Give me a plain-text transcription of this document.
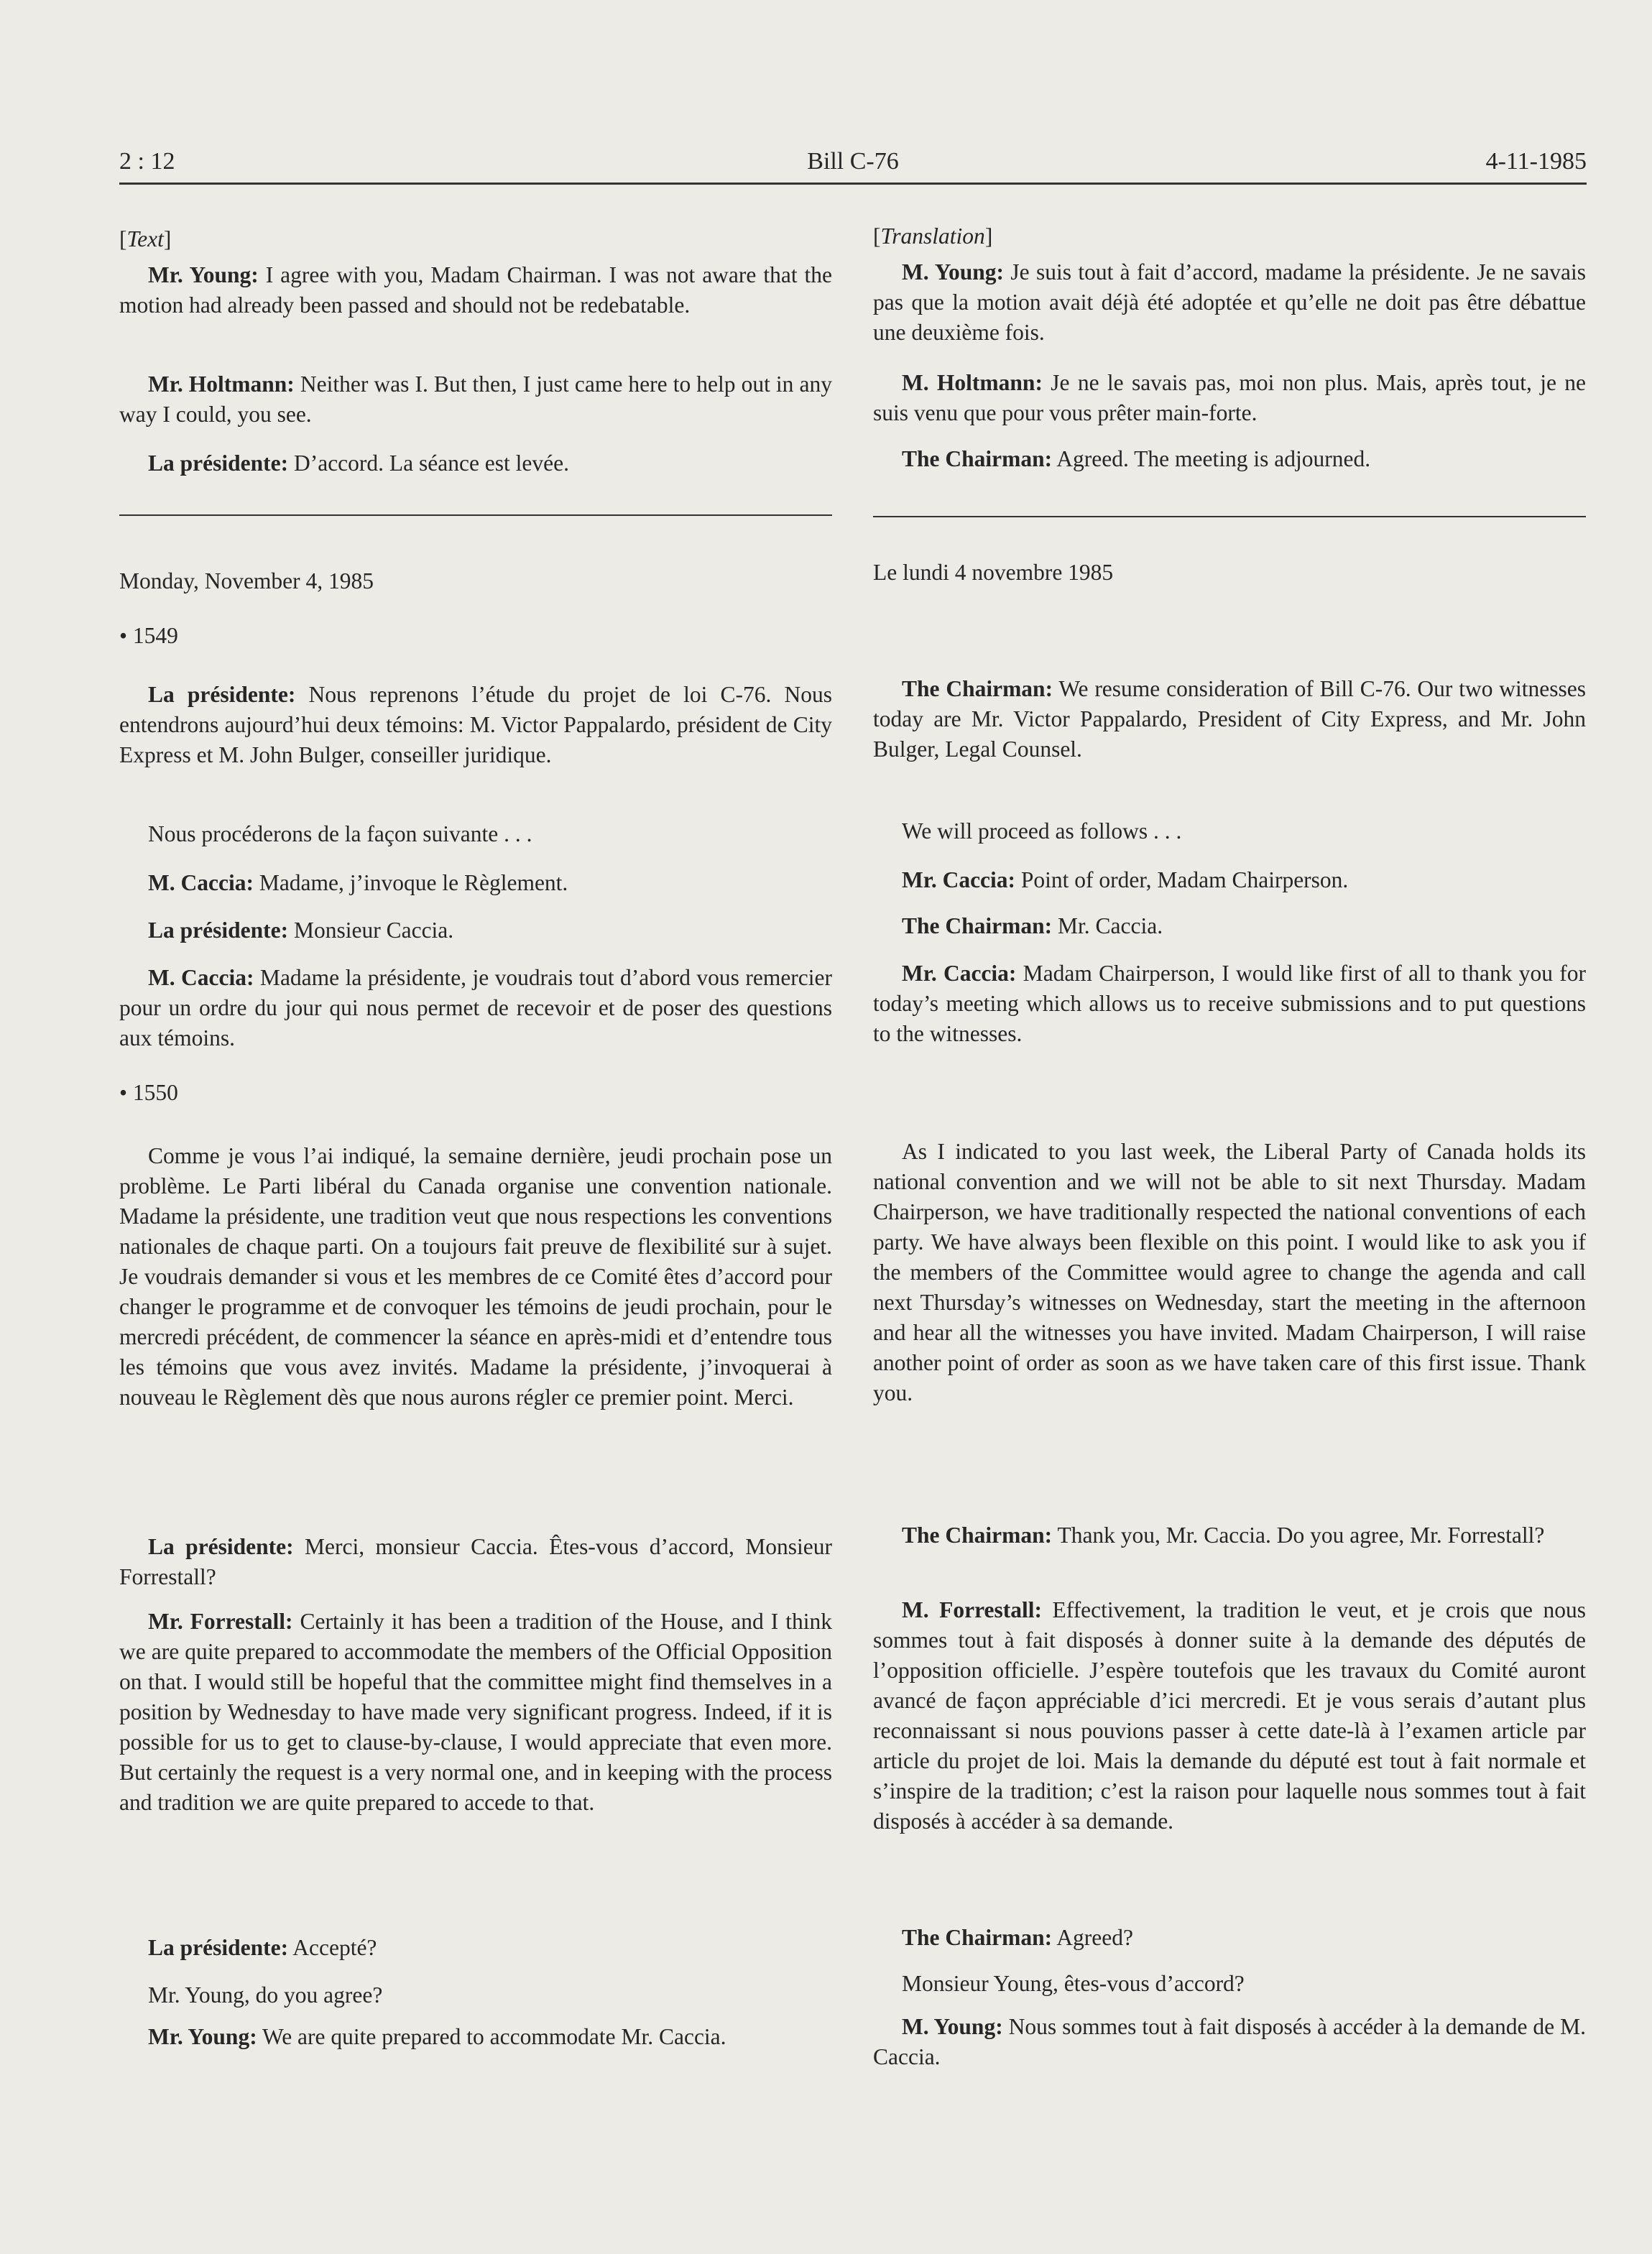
2 : 12	Bill C-76	4-11-1985

[Text]

Mr. Young: I agree with you, Madam Chairman. I was not aware that the motion had already been passed and should not be redebatable.

Mr. Holtmann: Neither was I. But then, I just came here to help out in any way I could, you see.

La présidente: D’accord. La séance est levée.

Monday, November 4, 1985

• 1549

La présidente: Nous reprenons l’étude du projet de loi C-76. Nous entendrons aujourd’hui deux témoins: M. Victor Pappalardo, président de City Express et M. John Bulger, conseiller juridique.

Nous procéderons de la façon suivante . . .

M. Caccia: Madame, j’invoque le Règlement.

La présidente: Monsieur Caccia.

M. Caccia: Madame la présidente, je voudrais tout d’abord vous remercier pour un ordre du jour qui nous permet de recevoir et de poser des questions aux témoins.

• 1550

Comme je vous l’ai indiqué, la semaine dernière, jeudi prochain pose un problème. Le Parti libéral du Canada organise une convention nationale. Madame la présidente, une tradition veut que nous respections les conventions nationales de chaque parti. On a toujours fait preuve de flexibilité sur à sujet. Je voudrais demander si vous et les membres de ce Comité êtes d’accord pour changer le programme et de convoquer les témoins de jeudi prochain, pour le mercredi précédent, de commencer la séance en après-midi et d’entendre tous les témoins que vous avez invités. Madame la présidente, j’invoquerai à nouveau le Règlement dès que nous aurons régler ce premier point. Merci.

La présidente: Merci, monsieur Caccia. Êtes-vous d’accord, Monsieur Forrestall?

Mr. Forrestall: Certainly it has been a tradition of the House, and I think we are quite prepared to accommodate the members of the Official Opposition on that. I would still be hopeful that the committee might find themselves in a position by Wednesday to have made very significant progress. Indeed, if it is possible for us to get to clause-by-clause, I would appreciate that even more. But certainly the request is a very normal one, and in keeping with the process and tradition we are quite prepared to accede to that.

La présidente: Accepté?

Mr. Young, do you agree?

Mr. Young: We are quite prepared to accommodate Mr. Caccia.

[Translation]

M. Young: Je suis tout à fait d’accord, madame la présidente. Je ne savais pas que la motion avait déjà été adoptée et qu’elle ne doit pas être débattue une deuxième fois.

M. Holtmann: Je ne le savais pas, moi non plus. Mais, après tout, je ne suis venu que pour vous prêter main-forte.

The Chairman: Agreed. The meeting is adjourned.

Le lundi 4 novembre 1985

The Chairman: We resume consideration of Bill C-76. Our two witnesses today are Mr. Victor Pappalardo, President of City Express, and Mr. John Bulger, Legal Counsel.

We will proceed as follows . . .

Mr. Caccia: Point of order, Madam Chairperson.

The Chairman: Mr. Caccia.

Mr. Caccia: Madam Chairperson, I would like first of all to thank you for today’s meeting which allows us to receive submissions and to put questions to the witnesses.

As I indicated to you last week, the Liberal Party of Canada holds its national convention and we will not be able to sit next Thursday. Madam Chairperson, we have traditionally respected the national conventions of each party. We have always been flexible on this point. I would like to ask you if the members of the Committee would agree to change the agenda and call next Thursday’s witnesses on Wednesday, start the meeting in the afternoon and hear all the witnesses you have invited. Madam Chairperson, I will raise another point of order as soon as we have taken care of this first issue. Thank you.

The Chairman: Thank you, Mr. Caccia. Do you agree, Mr. Forrestall?

M. Forrestall: Effectivement, la tradition le veut, et je crois que nous sommes tout à fait disposés à donner suite à la demande des députés de l’opposition officielle. J’espère toutefois que les travaux du Comité auront avancé de façon appréciable d’ici mercredi. Et je vous serais d’autant plus reconnaissant si nous pouvions passer à cette date-là à l’examen article par article du projet de loi. Mais la demande du député est tout à fait normale et s’inspire de la tradition; c’est la raison pour laquelle nous sommes tout à fait disposés à accéder à sa demande.

The Chairman: Agreed?

Monsieur Young, êtes-vous d’accord?

M. Young: Nous sommes tout à fait disposés à accéder à la demande de M. Caccia.
